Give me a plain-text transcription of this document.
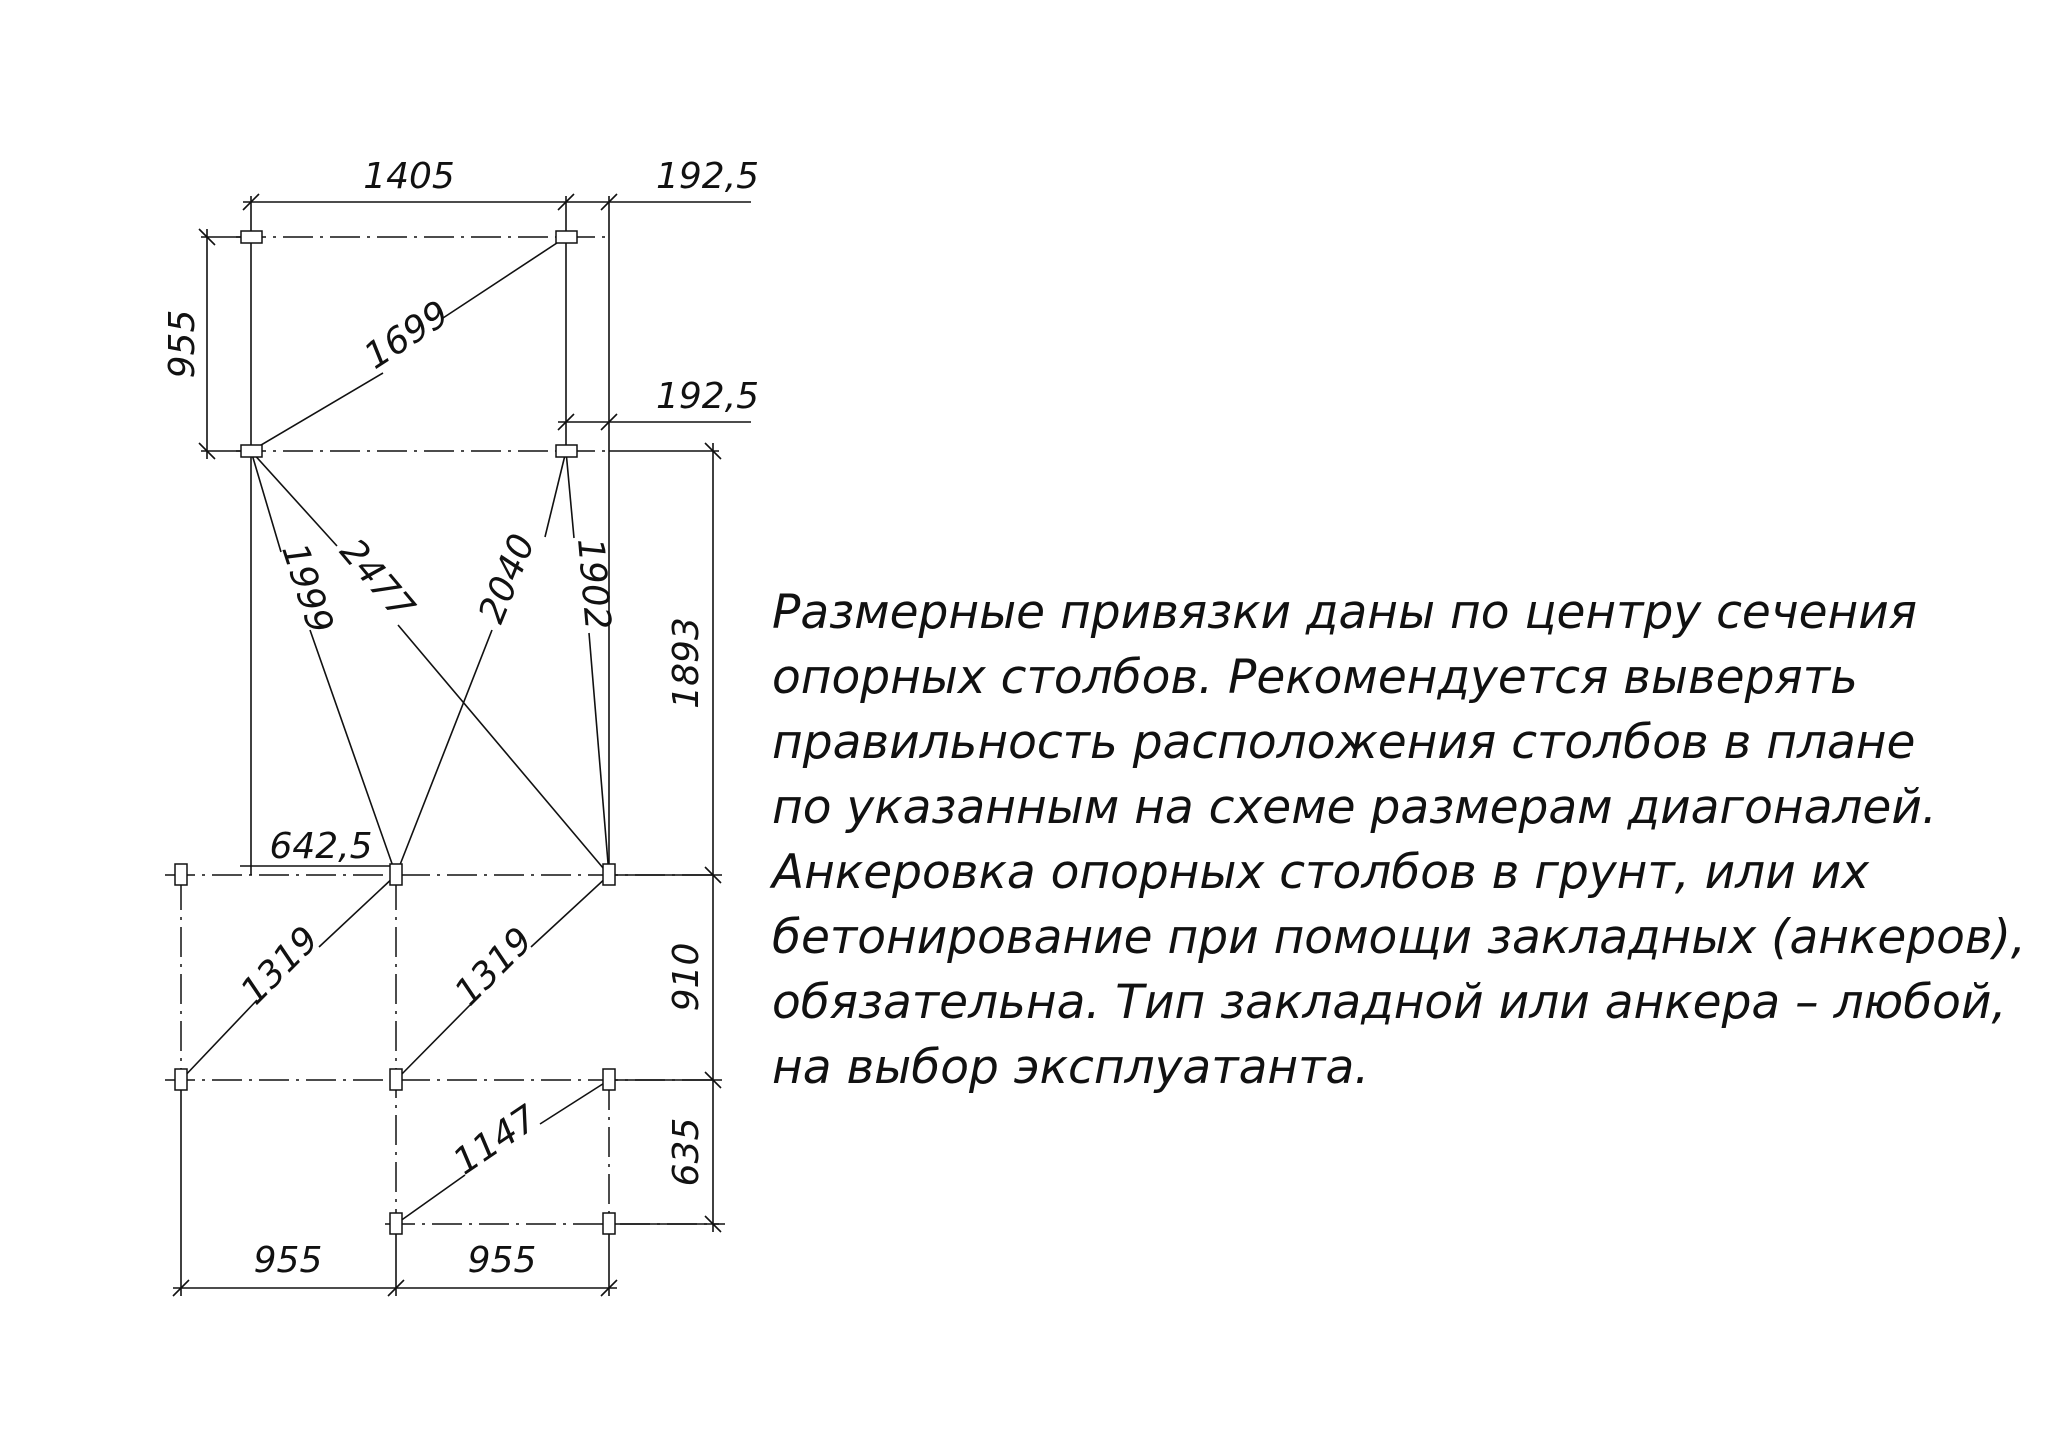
1405	192,5
192,5
955
1893
910
635
955	955
642,5
1699
1999
2477 2040 1902
1319	1319
1147

Размерные привязки даны по центру сечения
опорных столбов. Рекомендуется выверять
правильность расположения столбов в плане
по указанным на схеме размерам диагоналей.
Анкеровка опорных столбов в грунт, или их
бетонирование при помощи закладных (анкеров),
обязательна. Тип закладной или анкера – любой,
на выбор эксплуатанта.
